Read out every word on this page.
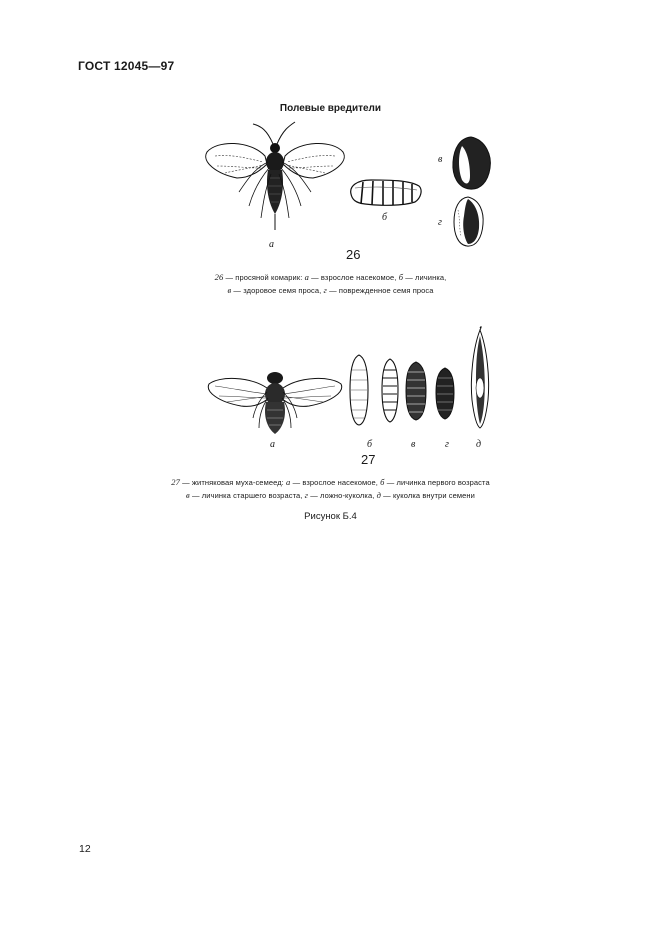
ГОСТ 12045—97
Полевые вредители
а
б
в
г
26
26 — просяной комарик: а — взрослое насекомое, б — личинка,
в — здоровое семя проса, г — поврежденное семя проса
а	б	в	г	д
27
27 — житняковая муха-семеед: а — взрослое насекомое, б — личинка первого возраста
в — личинка старшего возраста, г — ложно-куколка, д — куколка внутри семени
Рисунок Б.4
12
